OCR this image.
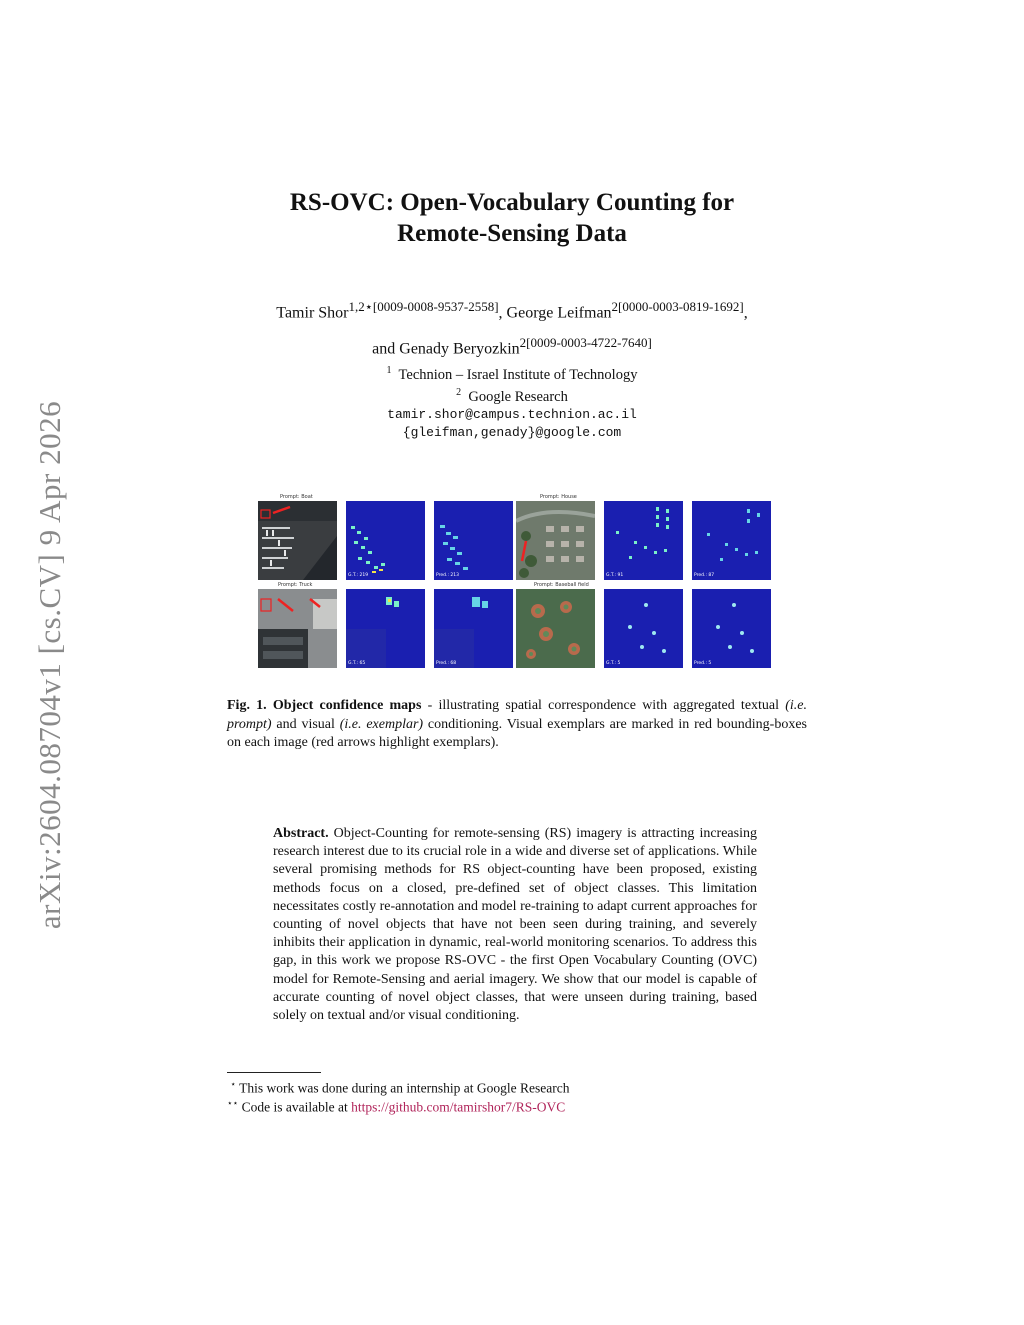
arXiv:2604.08704v1 [cs.CV] 9 Apr 2026
RS-OVC: Open-Vocabulary Counting for
Remote-Sensing Data
Tamir Shor$^{1,2⋆[0009-0008-9537-2558]}$, George Leifman$^{2[0000-0003-0819-1692]}$,
and Genady Beryozkin$^{2[0009-0003-4722-7640]}$
$^1$ Technion – Israel Institute of Technology
$^2$ Google Research
tamir.shor@campus.technion.ac.il
{gleifman,genady}@google.com
Prompt: Boat	Prompt: House
G.T.: 219	Pred.: 213	G.T.: 91	Pred.: 87
Prompt: Truck	Prompt: Baseball field
G.T.: 65	Pred.: 68	G.T.: 5	Pred.: 5
Fig. 1. Object confidence maps - illustrating spatial correspondence with aggregated textual (i.e. prompt) and visual (i.e. exemplar) conditioning. Visual exemplars are marked in red bounding-boxes on each image (red arrows highlight exemplars).
Abstract. Object-Counting for remote-sensing (RS) imagery is attracting increasing research interest due to its crucial role in a wide and diverse set of applications. While several promising methods for RS object-counting have been proposed, existing methods focus on a closed, pre-defined set of object classes. This limitation necessitates costly re-annotation and model re-training to adapt current approaches for counting of novel objects that have not been seen during training, and severely inhibits their application in dynamic, real-world monitoring scenarios. To address this gap, in this work we propose RS-OVC - the first Open Vocabulary Counting (OVC) model for Remote-Sensing and aerial imagery. We show that our model is capable of accurate counting of novel object classes, that were unseen during training, based solely on textual and/or visual conditioning.
⋆ This work was done during an internship at Google Research
⋆⋆ Code is available at https://github.com/tamirshor7/RS-OVC
